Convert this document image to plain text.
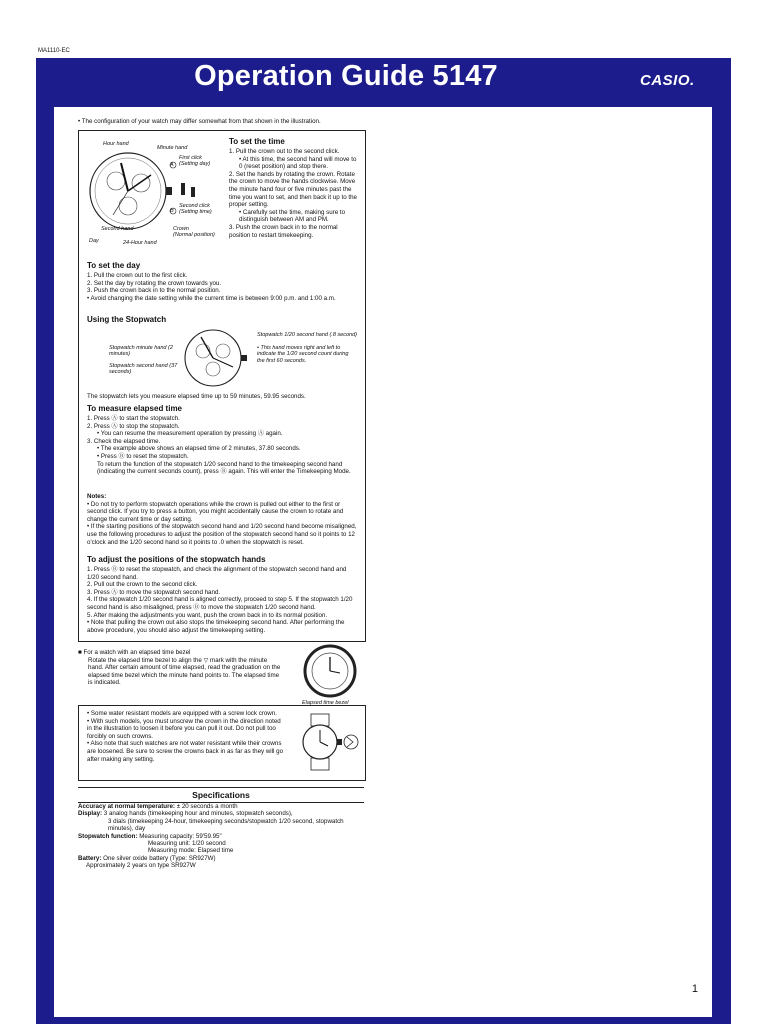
MA1110-EC
Operation Guide 5147	CASIO.
• The configuration of your watch may differ somewhat from that shown in the illustration.
Hour hand
Minute hand
First click
(Setting day)
Second click
(Setting time)
Crown
(Normal position)
Second hand
Day	24-Hour hand
A
B
To set the time
1. Pull the crown out to the second click.
• At this time, the second hand will move to 0 (reset position) and stop there.
2. Set the hands by rotating the crown. Rotate the crown to move the hands clockwise. Move the minute hand four or five minutes past the time you want to set, and then back it up to the proper setting.
• Carefully set the time, making sure to distinguish between AM and PM.
3. Push the crown back in to the normal position to restart timekeeping.
To set the day
1. Pull the crown out to the first click.
2. Set the day by rotating the crown towards you.
3. Push the crown back in to the normal position.
• Avoid changing the date setting while the current time is between 9:00 p.m. and 1:00 a.m.
Using the Stopwatch
Stopwatch minute hand (2 minutes)
Stopwatch second hand (37 seconds)
Stopwatch 1/20 second hand (.8 second)
• This hand moves right and left to indicate the 1/20 second count during the first 60 seconds.
The stopwatch lets you measure elapsed time up to 59 minutes, 59.95 seconds.
To measure elapsed time
1. Press Ⓐ to start the stopwatch.
2. Press Ⓐ to stop the stopwatch.
• You can resume the measurement operation by pressing Ⓐ again.
3. Check the elapsed time.
• The example above shows an elapsed time of 2 minutes, 37.80 seconds.
• Press Ⓑ to reset the stopwatch.
To return the function of the stopwatch 1/20 second hand to the timekeeping second hand (indicating the current seconds count), press Ⓑ again. This will enter the Timekeeping Mode.
Notes:
• Do not try to perform stopwatch operations while the crown is pulled out either to the first or second click. If you try to press a button, you might accidentally cause the crown to rotate and change the current time or day setting.
• If the starting positions of the stopwatch second hand and 1/20 second hand become misaligned, use the following procedures to adjust the position of the stopwatch second hand so it points to 12 o'clock and the 1/20 second hand so it points to .0 when the stopwatch is reset.
To adjust the positions of the stopwatch hands
1. Press Ⓑ to reset the stopwatch, and check the alignment of the stopwatch second hand and 1/20 second hand.
2. Pull out the crown to the second click.
3. Press Ⓐ to move the stopwatch second hand.
4. If the stopwatch 1/20 second hand is aligned correctly, proceed to step 5. If the stopwatch 1/20 second hand is also misaligned, press Ⓑ to move the stopwatch 1/20 second hand.
5. After making the adjustments you want, push the crown back in to its normal position.
• Note that pulling the crown out also stops the timekeeping second hand. After performing the above procedure, you should also adjust the timekeeping setting.
■ For a watch with an elapsed time bezel
Rotate the elapsed time bezel to align the ▽ mark with the minute hand. After certain amount of time elapsed, read the graduation on the elapsed time bezel which the minute hand points to. The elapsed time is indicated.
Elapsed time bezel
• Some water resistant models are equipped with a screw lock crown.
• With such models, you must unscrew the crown in the direction noted in the illustration to loosen it before you can pull it out. Do not pull too forcibly on such crowns.
• Also note that such watches are not water resistant while their crowns are loosened. Be sure to screw the crowns back in as far as they will go after making any setting.
Specifications
Accuracy at normal temperature: ± 20 seconds a month
Display: 3 analog hands (timekeeping hour and minutes, stopwatch seconds),
3 dials (timekeeping 24-hour, timekeeping seconds/stopwatch 1/20 second, stopwatch minutes), day
Stopwatch function: Measuring capacity: 59'59.95"
Measuring unit: 1/20 second
Measuring mode: Elapsed time
Battery: One silver oxide battery (Type: SR927W)
Approximately 2 years on type SR927W
1
